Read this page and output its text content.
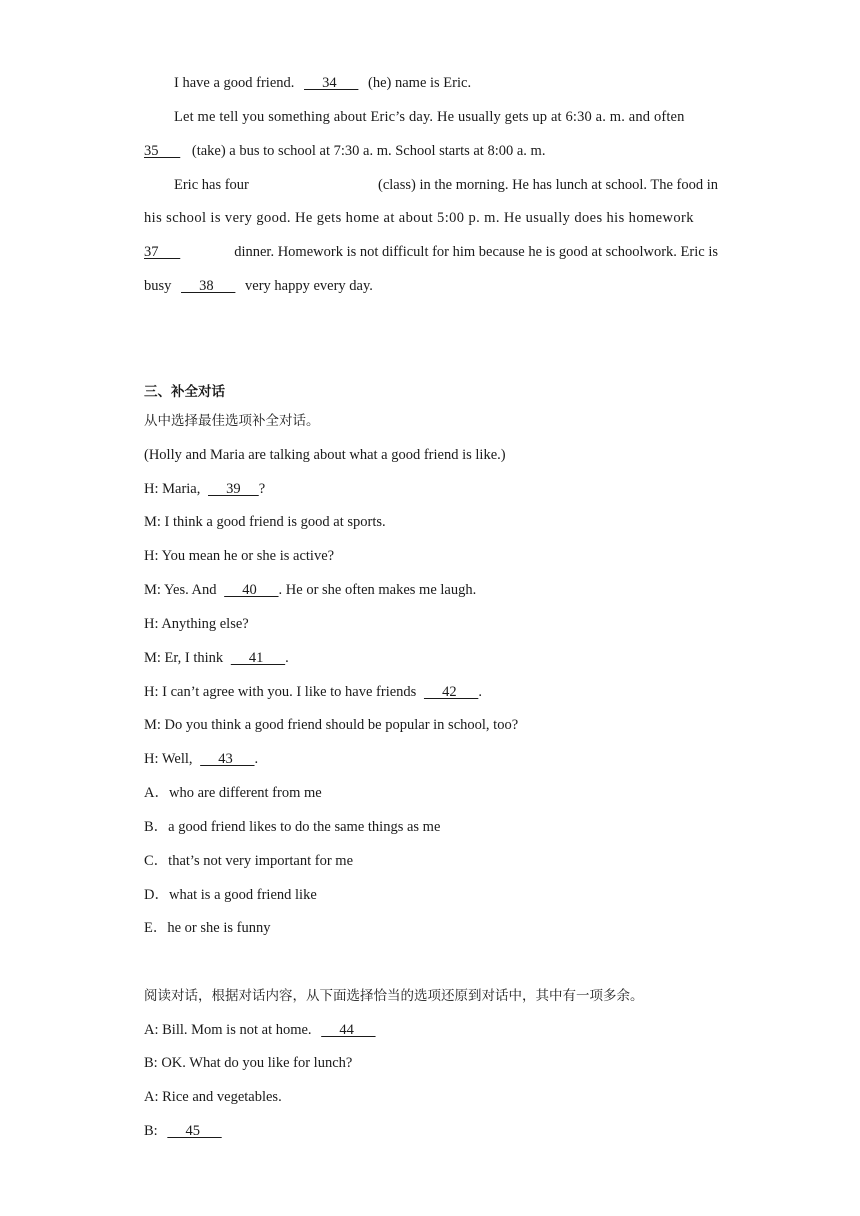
I have a good friend.      34       (he) name is Eric.
Let me tell you something about Eric’s day. He usually gets up at 6:30 a. m. and often
35       (take) a bus to school at 7:30 a. m. School starts at 8:00 a. m.
Eric has four	(class) in the morning. He has lunch at school. The food in
his school is very good. He gets home at about 5:00 p. m. He usually does his homework
37	dinner. Homework is not difficult for him because he is good at schoolwork. Eric is
busy      38       very happy every day.
三、补全对话
从中选择最佳选项补全对话。
(Holly and Maria are talking about what a good friend is like.)
H: Maria,      39     ?
M: I think a good friend is good at sports.
H: You mean he or she is active?
M: Yes. And      40      . He or she often makes me laugh.
H: Anything else?
M: Er, I think      41      .
H: I can’t agree with you. I like to have friends      42      .
M: Do you think a good friend should be popular in school, too?
H: Well,      43      .
A．who are different from me
B．a good friend likes to do the same things as me
C．that’s not very important for me
D．what is a good friend like
E．he or she is funny
阅读对话，根据对话内容，从下面选择恰当的选项还原到对话中，其中有一项多余。
A: Bill. Mom is not at home.      44
B: OK. What do you like for lunch?
A: Rice and vegetables.
B:      45
